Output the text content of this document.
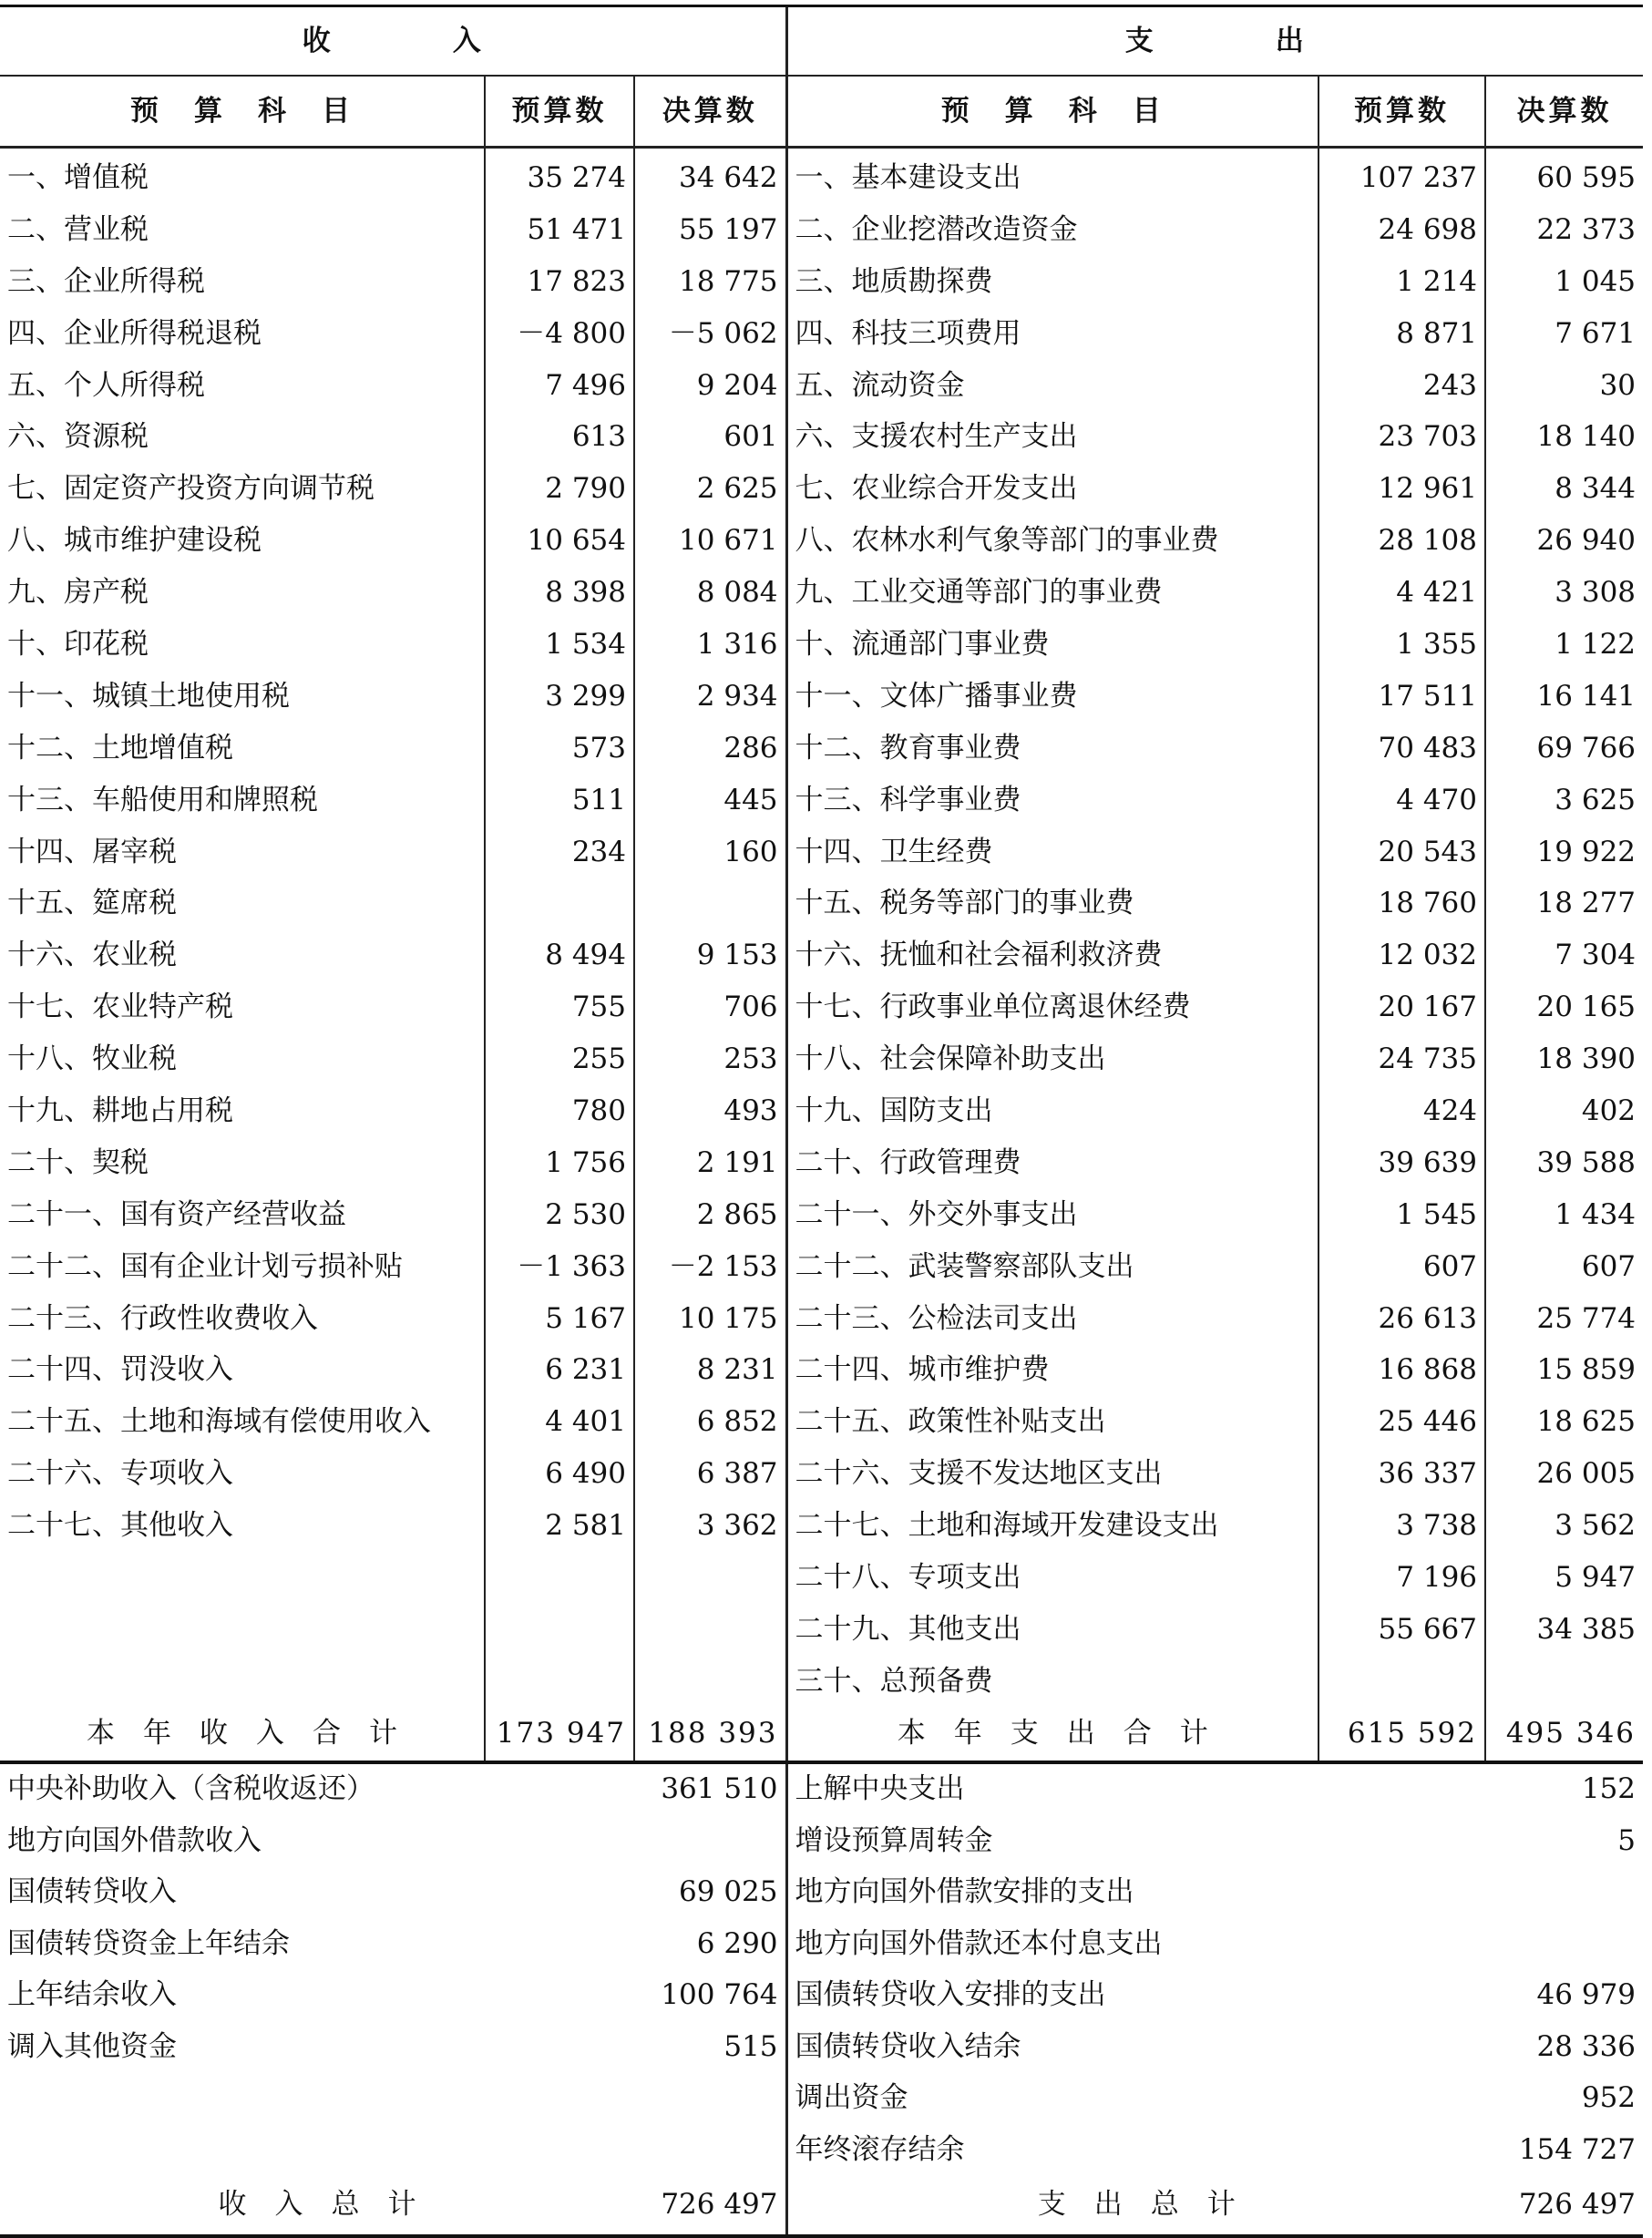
收　　　　入			支　　　　出		
预　算　科　目	预算数	决算数	预　算　科　目	预算数	决算数
一、增值税	35 274	34 642	一、基本建设支出	107 237	60 595
二、营业税	51 471	55 197	二、企业挖潜改造资金	24 698	22 373
三、企业所得税	17 823	18 775	三、地质勘探费	1 214	1 045
四、企业所得税退税	－4 800	－5 062	四、科技三项费用	8 871	7 671
五、个人所得税	7 496	9 204	五、流动资金	243	30
六、资源税	613	601	六、支援农村生产支出	23 703	18 140
七、固定资产投资方向调节税	2 790	2 625	七、农业综合开发支出	12 961	8 344
八、城市维护建设税	10 654	10 671	八、农林水利气象等部门的事业费	28 108	26 940
九、房产税	8 398	8 084	九、工业交通等部门的事业费	4 421	3 308
十、印花税	1 534	1 316	十、流通部门事业费	1 355	1 122
十一、城镇土地使用税	3 299	2 934	十一、文体广播事业费	17 511	16 141
十二、土地增值税	573	286	十二、教育事业费	70 483	69 766
十三、车船使用和牌照税	511	445	十三、科学事业费	4 470	3 625
十四、屠宰税	234	160	十四、卫生经费	20 543	19 922
十五、筵席税			十五、税务等部门的事业费	18 760	18 277
十六、农业税	8 494	9 153	十六、抚恤和社会福利救济费	12 032	7 304
十七、农业特产税	755	706	十七、行政事业单位离退休经费	20 167	20 165
十八、牧业税	255	253	十八、社会保障补助支出	24 735	18 390
十九、耕地占用税	780	493	十九、国防支出	424	402
二十、契税	1 756	2 191	二十、行政管理费	39 639	39 588
二十一、国有资产经营收益	2 530	2 865	二十一、外交外事支出	1 545	1 434
二十二、国有企业计划亏损补贴	－1 363	－2 153	二十二、武装警察部队支出	607	607
二十三、行政性收费收入	5 167	10 175	二十三、公检法司支出	26 613	25 774
二十四、罚没收入	6 231	8 231	二十四、城市维护费	16 868	15 859
二十五、土地和海域有偿使用收入	4 401	6 852	二十五、政策性补贴支出	25 446	18 625
二十六、专项收入	6 490	6 387	二十六、支援不发达地区支出	36 337	26 005
二十七、其他收入	2 581	3 362	二十七、土地和海域开发建设支出	3 738	3 562
			二十八、专项支出	7 196	5 947
			二十九、其他支出	55 667	34 385
			三十、总预备费		
本　年　收　入　合　计	173 947	188 393	本　年　支　出　合　计	615 592	495 346
中央补助收入（含税收返还）		361 510	上解中央支出		152
地方向国外借款收入			增设预算周转金		5
国债转贷收入		69 025	地方向国外借款安排的支出		
国债转贷资金上年结余		6 290	地方向国外借款还本付息支出		
上年结余收入		100 764	国债转贷收入安排的支出		46 979
调入其他资金		515	国债转贷收入结余		28 336
			调出资金		952
			年终滚存结余		154 727
收　入　总　计		726 497	支　出　总　计		726 497
